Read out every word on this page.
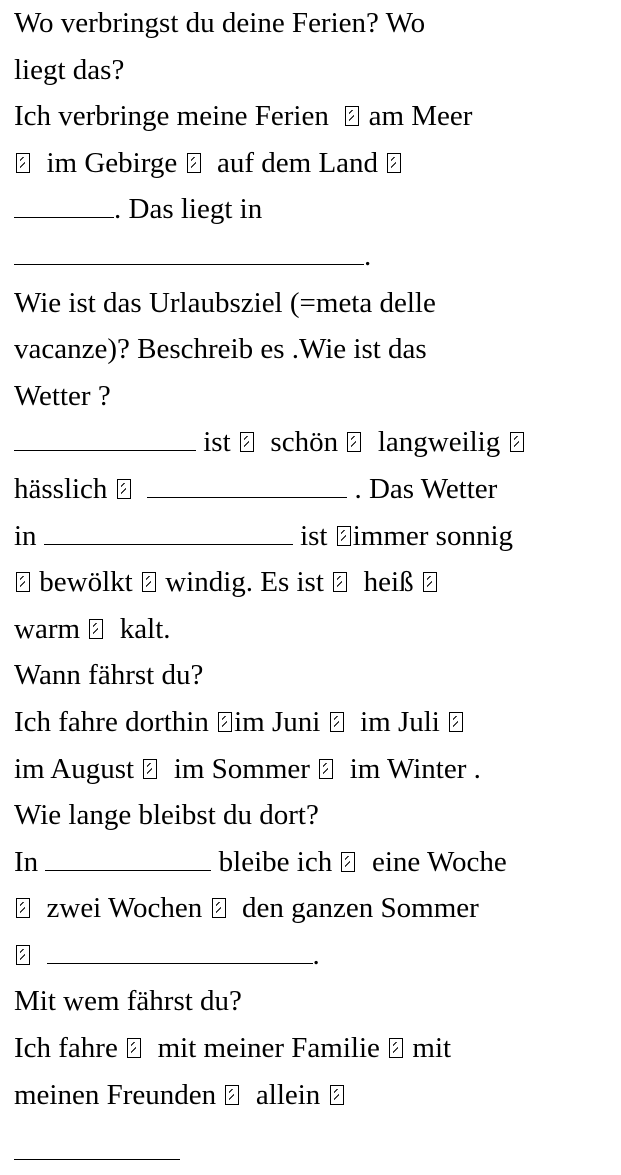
Wo verbringst du deine Ferien? Wo
liegt das?
Ich verbringe meine Ferien am Meer
im Gebirge auf dem Land
. Das liegt in
.
Wie ist das Urlaubsziel (=meta delle
vacanze)? Beschreib es .Wie ist das
Wetter ?
ist schön langweilig
hässlich	. Das Wetter
in	ist immer sonnig
bewölkt windig. Es ist heiß
warm kalt.
Wann fährst du?
Ich fahre dorthin im Juni im Juli
im August im Sommer im Winter .
Wie lange bleibst du dort?
In	bleibe ich eine Woche
zwei Wochen den ganzen Sommer
.
Mit wem fährst du?
Ich fahre mit meiner Familie mit
meinen Freunden allein
